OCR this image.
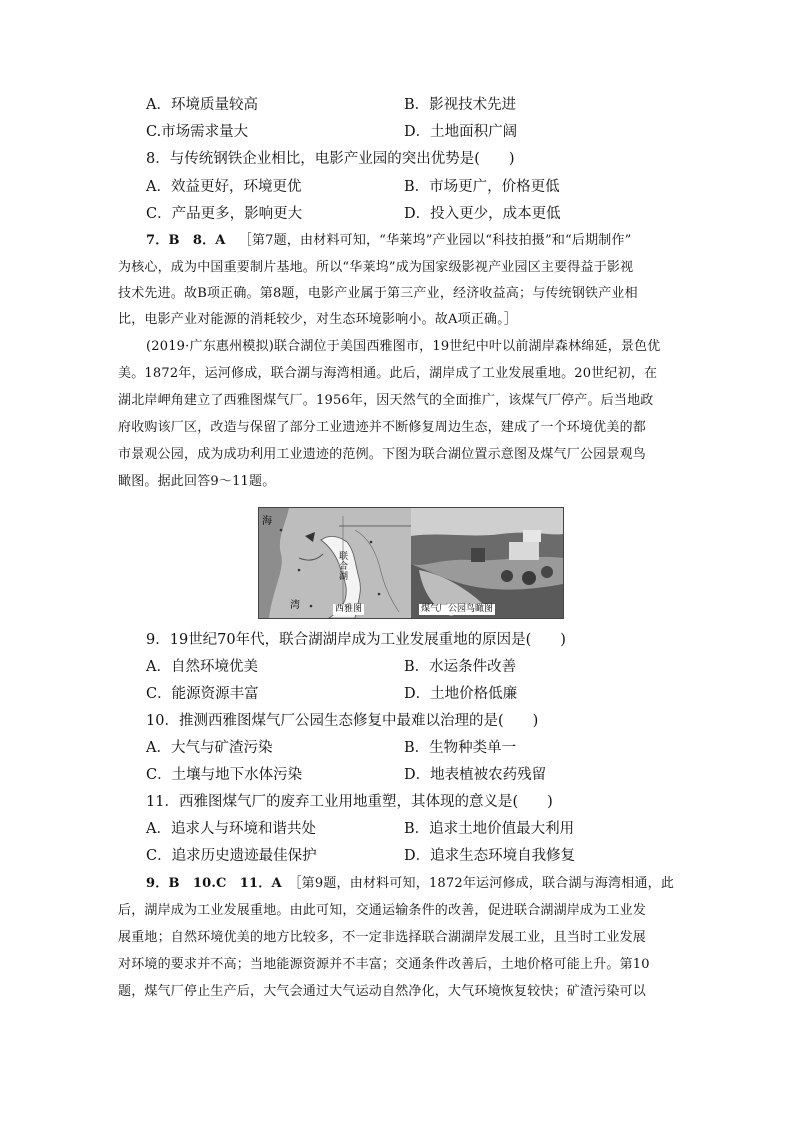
A．环境质量较高	B．影视技术先进
C.市场需求量大	D．土地面积广阔
8．与传统钢铁企业相比，电影产业园的突出优势是(　　)
A．效益更好，环境更优	B．市场更广，价格更低
C．产品更多，影响更大	D．投入更少，成本更低
7．B　8．A  ［第7题，由材料可知，“华莱坞”产业园以“科技拍摄”和“后期制作”
为核心，成为中国重要制片基地。所以“华莱坞”成为国家级影视产业园区主要得益于影视
技术先进。故B项正确。第8题，电影产业属于第三产业，经济收益高；与传统钢铁产业相
比，电影产业对能源的消耗较少，对生态环境影响小。故A项正确。］
(2019·广东惠州模拟)联合湖位于美国西雅图市，19世纪中叶以前湖岸森林绵延，景色优
美。1872年，运河修成，联合湖与海湾相通。此后，湖岸成了工业发展重地。20世纪初，在
湖北岸岬角建立了西雅图煤气厂。1956年，因天然气的全面推广，该煤气厂停产。后当地政
府收购该厂区，改造与保留了部分工业遗迹并不断修复周边生态，建成了一个环境优美的都
市景观公园，成为成功利用工业遗迹的范例。下图为联合湖位置示意图及煤气厂公园景观鸟
瞰图。据此回答9～11题。
海
湾
联合湖
西雅图	煤气厂公园鸟瞰图
9．19世纪70年代，联合湖湖岸成为工业发展重地的原因是(　　)
A．自然环境优美	B．水运条件改善
C．能源资源丰富	D．土地价格低廉
10．推测西雅图煤气厂公园生态修复中最难以治理的是(　　)
A．大气与矿渣污染	B．生物种类单一
C．土壤与地下水体污染	D．地表植被农药残留
11．西雅图煤气厂的废弃工业用地重塑，其体现的意义是(　　)
A．追求人与环境和谐共处	B．追求土地价值最大利用
C．追求历史遗迹最佳保护	D．追求生态环境自我修复
9．B　10.C　11．A  ［第9题，由材料可知，1872年运河修成，联合湖与海湾相通，此
后，湖岸成为工业发展重地。由此可知，交通运输条件的改善，促进联合湖湖岸成为工业发
展重地；自然环境优美的地方比较多，不一定非选择联合湖湖岸发展工业，且当时工业发展
对环境的要求并不高；当地能源资源并不丰富；交通条件改善后，土地价格可能上升。第10
题，煤气厂停止生产后，大气会通过大气运动自然净化，大气环境恢复较快；矿渣污染可以
